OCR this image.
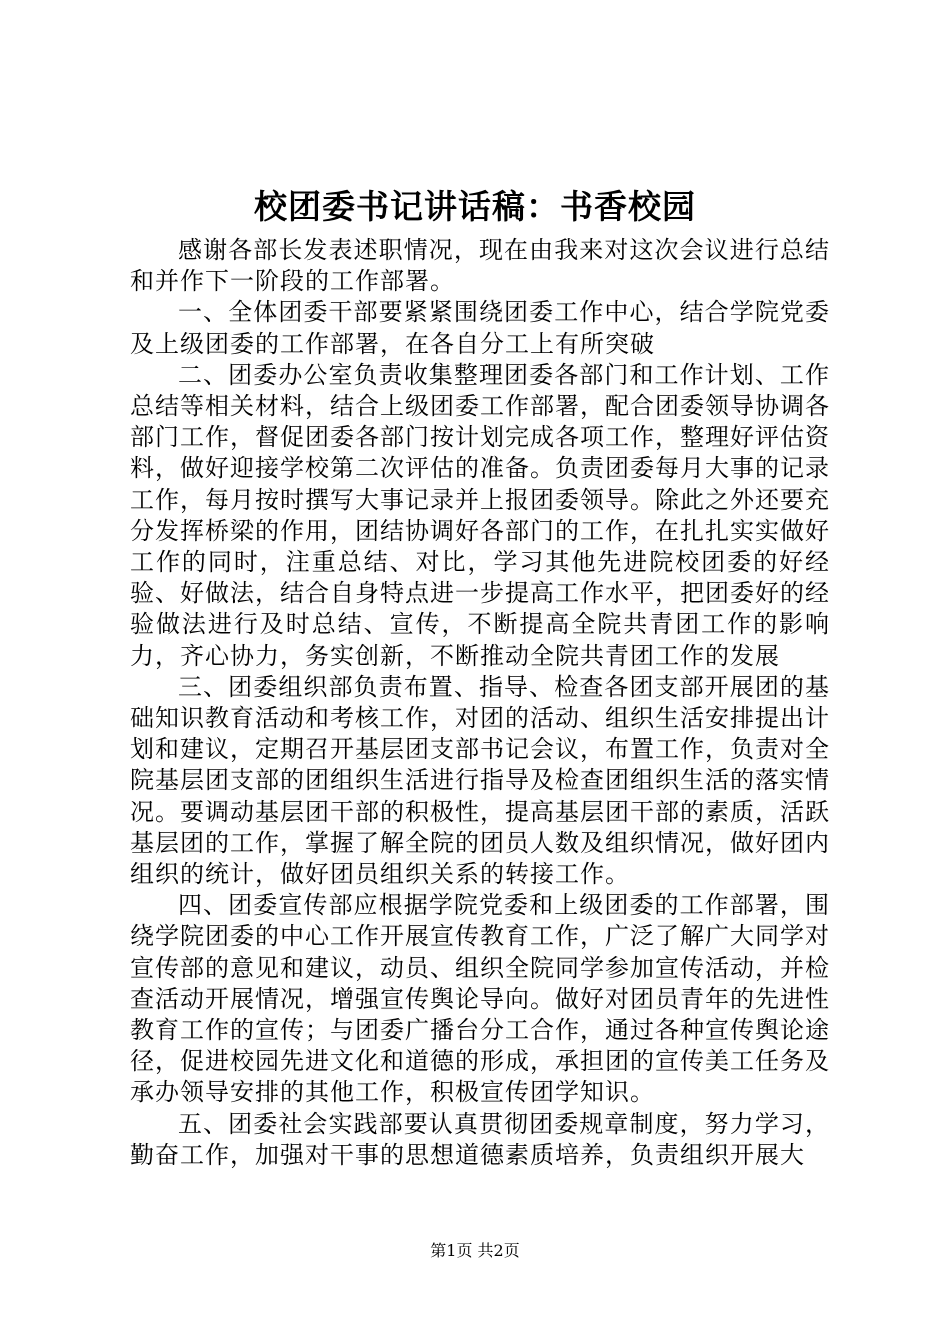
校团委书记讲话稿：书香校园

感谢各部长发表述职情况，现在由我来对这次会议进行总结和并作下一阶段的工作部署。

一、全体团委干部要紧紧围绕团委工作中心，结合学院党委及上级团委的工作部署，在各自分工上有所突破

二、团委办公室负责收集整理团委各部门和工作计划、工作总结等相关材料，结合上级团委工作部署，配合团委领导协调各部门工作，督促团委各部门按计划完成各项工作，整理好评估资料，做好迎接学校第二次评估的准备。负责团委每月大事的记录工作，每月按时撰写大事记录并上报团委领导。除此之外还要充分发挥桥梁的作用，团结协调好各部门的工作，在扎扎实实做好工作的同时，注重总结、对比，学习其他先进院校团委的好经验、好做法，结合自身特点进一步提高工作水平，把团委好的经验做法进行及时总结、宣传，不断提高全院共青团工作的影响力，齐心协力，务实创新，不断推动全院共青团工作的发展

三、团委组织部负责布置、指导、检查各团支部开展团的基础知识教育活动和考核工作，对团的活动、组织生活安排提出计划和建议，定期召开基层团支部书记会议，布置工作，负责对全院基层团支部的团组织生活进行指导及检查团组织生活的落实情况。要调动基层团干部的积极性，提高基层团干部的素质，活跃基层团的工作，掌握了解全院的团员人数及组织情况，做好团内组织的统计，做好团员组织关系的转接工作。

四、团委宣传部应根据学院党委和上级团委的工作部署，围绕学院团委的中心工作开展宣传教育工作，广泛了解广大同学对宣传部的意见和建议，动员、组织全院同学参加宣传活动，并检查活动开展情况，增强宣传舆论导向。做好对团员青年的先进性教育工作的宣传；与团委广播台分工合作，通过各种宣传舆论途径，促进校园先进文化和道德的形成，承担团的宣传美工任务及承办领导安排的其他工作，积极宣传团学知识。

五、团委社会实践部要认真贯彻团委规章制度，努力学习，勤奋工作，加强对干事的思想道德素质培养，负责组织开展大

第1页 共2页
